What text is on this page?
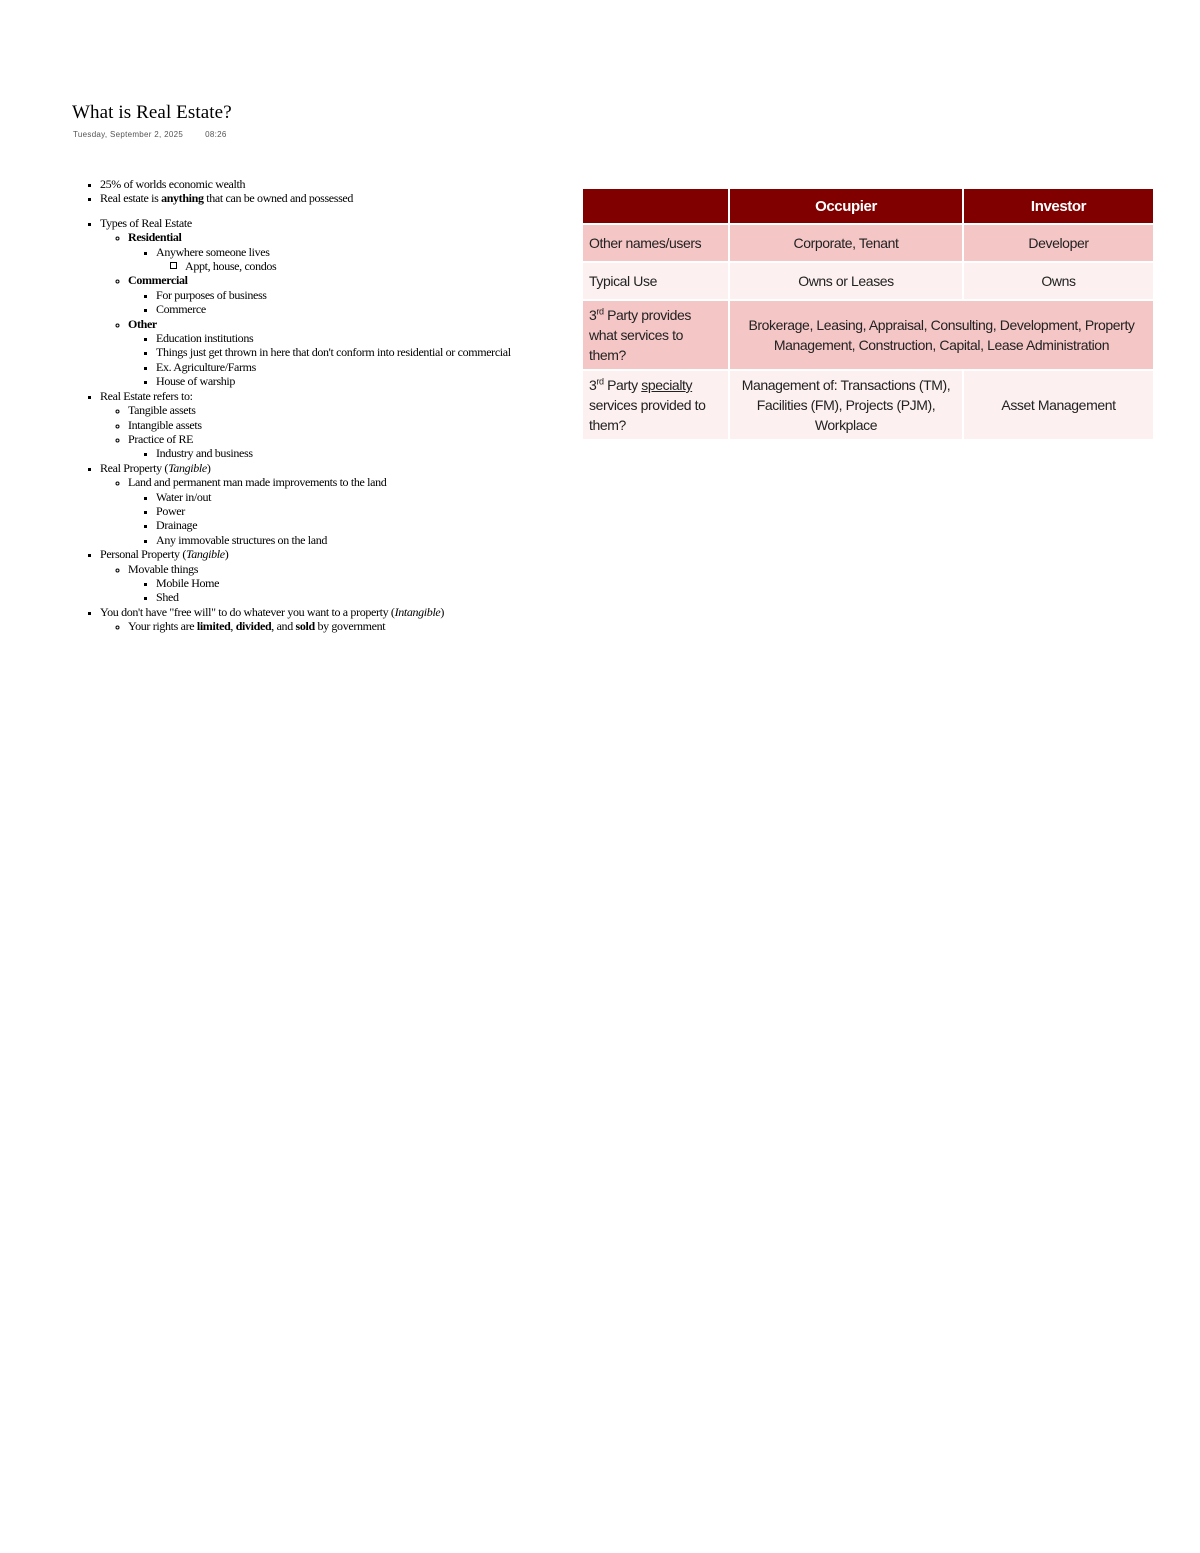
What is Real Estate?
Tuesday, September 2, 2025	08:26
▪ 25% of worlds economic wealth
▪ Real estate is anything that can be owned and possessed
▪ Types of Real Estate
◦ Residential
▪ Anywhere someone lives
Appt, house, condos
◦ Commercial
▪ For purposes of business
▪ Commerce
◦ Other
▪ Education institutions
▪ Things just get thrown in here that don't conform into residential or commercial
▪ Ex. Agriculture/Farms
▪ House of warship
▪ Real Estate refers to:
◦ Tangible assets
◦ Intangible assets
◦ Practice of RE
▪ Industry and business
▪ Real Property (Tangible)
◦ Land and permanent man made improvements to the land
▪ Water in/out
▪ Power
▪ Drainage
▪ Any immovable structures on the land
▪ Personal Property (Tangible)
◦ Movable things
▪ Mobile Home
▪ Shed
▪ You don't have "free will" to do whatever you want to a property (Intangible)
◦ Your rights are limited, divided, and sold by government
	Occupier	Investor
Other names/users	Corporate, Tenant	Developer
Typical Use	Owns or Leases	Owns
3rd Party provides what services to them?	Brokerage, Leasing, Appraisal, Consulting, Development, Property Management, Construction, Capital, Lease Administration	
3rd Party specialty services provided to them?	Management of: Transactions (TM), Facilities (FM), Projects (PJM), Workplace	Asset Management
